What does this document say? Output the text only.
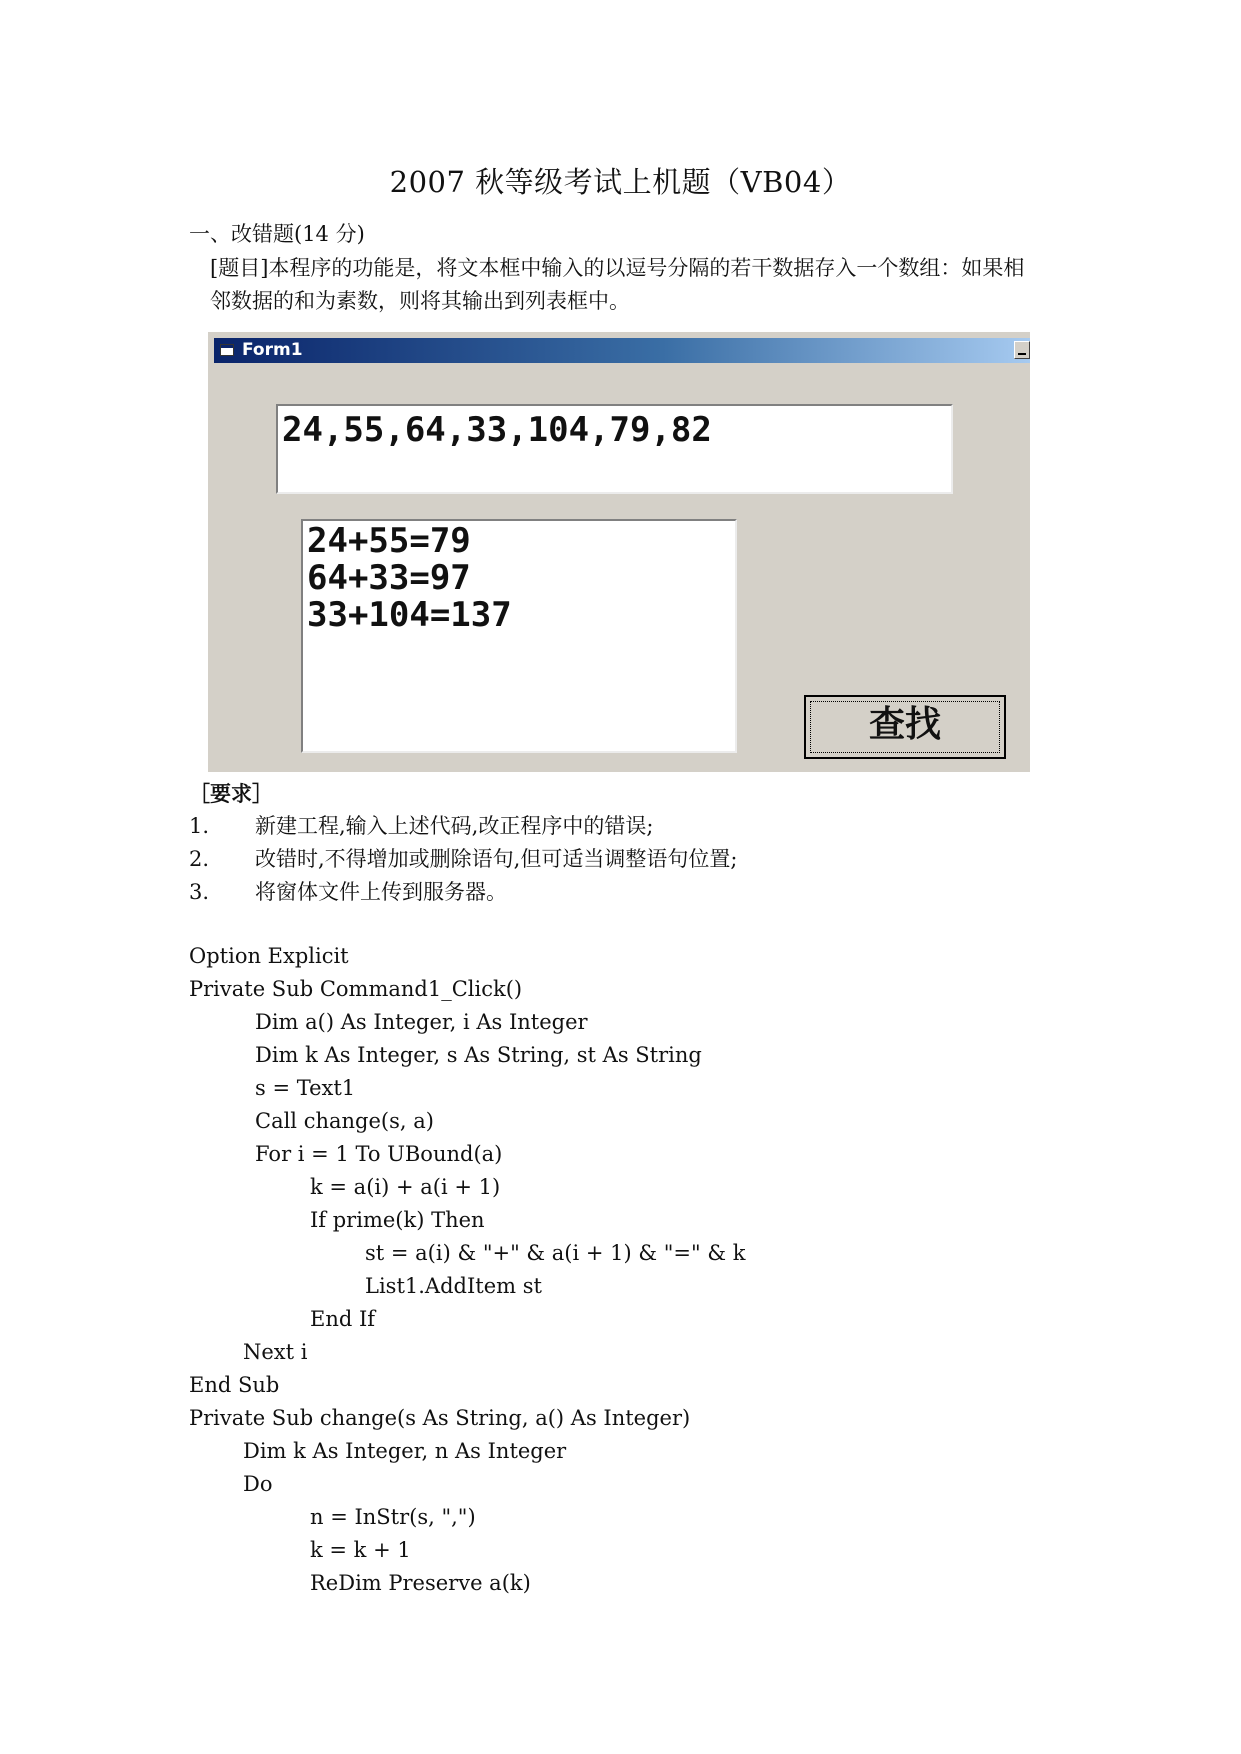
2007 秋等级考试上机题（VB04）
一、改错题(14 分)
[题目]本程序的功能是，将文本框中输入的以逗号分隔的若干数据存入一个数组：如果相
邻数据的和为素数，则将其输出到列表框中。
Form1
24,55,64,33,104,79,82
24+55=79
64+33=97
33+104=137
查找
［要求］
1. 新建工程,输入上述代码,改正程序中的错误;
2. 改错时,不得增加或删除语句,但可适当调整语句位置;
3. 将窗体文件上传到服务器。
Option Explicit
Private Sub Command1_Click()
Dim a() As Integer, i As Integer
Dim k As Integer, s As String, st As String
s = Text1
Call change(s, a)
For i = 1 To UBound(a)
k = a(i) + a(i + 1)
If prime(k) Then
st = a(i) & "+" & a(i + 1) & "=" & k
List1.AddItem st
End If
Next i
End Sub
Private Sub change(s As String, a() As Integer)
Dim k As Integer, n As Integer
Do
n = InStr(s, ",")
k = k + 1
ReDim Preserve a(k)
